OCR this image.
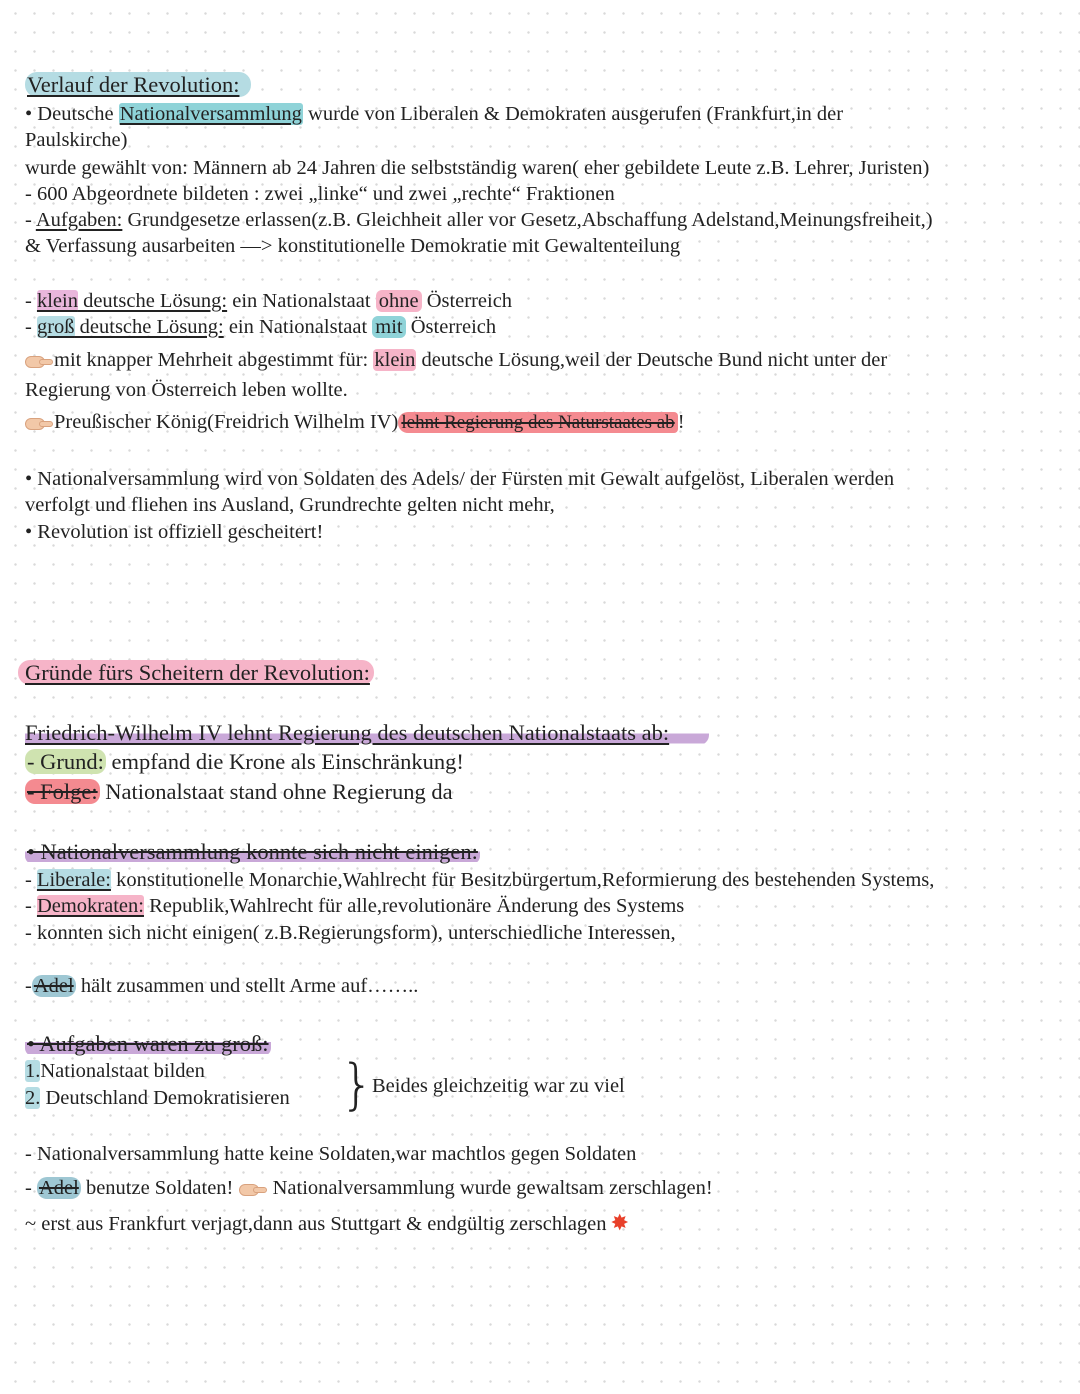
Verlauf der Revolution:
• Deutsche Nationalversammlung wurde von Liberalen & Demokraten ausgerufen (Frankfurt,in der
Paulskirche)
wurde gewählt von: Männern ab 24 Jahren die selbstständig waren( eher gebildete Leute z.B. Lehrer, Juristen)
- 600 Abgeordnete bildeten : zwei „linke“ und zwei „rechte“ Fraktionen
- Aufgaben: Grundgesetze erlassen(z.B. Gleichheit aller vor Gesetz,Abschaffung Adelstand,Meinungsfreiheit,)
& Verfassung ausarbeiten —> konstitutionelle Demokratie mit Gewaltenteilung
- klein deutsche Lösung: ein Nationalstaat ohne Österreich
- groß deutsche Lösung: ein Nationalstaat mit Österreich
mit knapper Mehrheit abgestimmt für: klein deutsche Lösung,weil der Deutsche Bund nicht unter der
Regierung von Österreich leben wollte.
Preußischer König(Freidrich Wilhelm IV) lehnt Regierung des Naturstaates ab !
• Nationalversammlung wird von Soldaten des Adels/ der Fürsten mit Gewalt aufgelöst, Liberalen werden
verfolgt und fliehen ins Ausland, Grundrechte gelten nicht mehr,
• Revolution ist offiziell gescheitert!
Gründe fürs Scheitern der Revolution:
Friedrich-Wilhelm IV lehnt Regierung des deutschen Nationalstaats ab:
- Grund: empfand die Krone als Einschränkung!
- Folge: Nationalstaat stand ohne Regierung da
• Nationalversammlung konnte sich nicht einigen:
- Liberale: konstitutionelle Monarchie,Wahlrecht für Besitzbürgertum,Reformierung des bestehenden Systems,
- Demokraten: Republik,Wahlrecht für alle,revolutionäre Änderung des Systems
- konnten sich nicht einigen( z.B.Regierungsform), unterschiedliche Interessen,
-Adel hält zusammen und stellt Arme auf……..
• Aufgaben waren zu groß:
1.Nationalstaat bilden
2. Deutschland Demokratisieren }
Beides gleichzeitig war zu viel
- Nationalversammlung hatte keine Soldaten,war machtlos gegen Soldaten
- Adel benutze Soldaten!  Nationalversammlung wurde gewaltsam zerschlagen!
~ erst aus Frankfurt verjagt,dann aus Stuttgart & endgültig zerschlagen ✸
